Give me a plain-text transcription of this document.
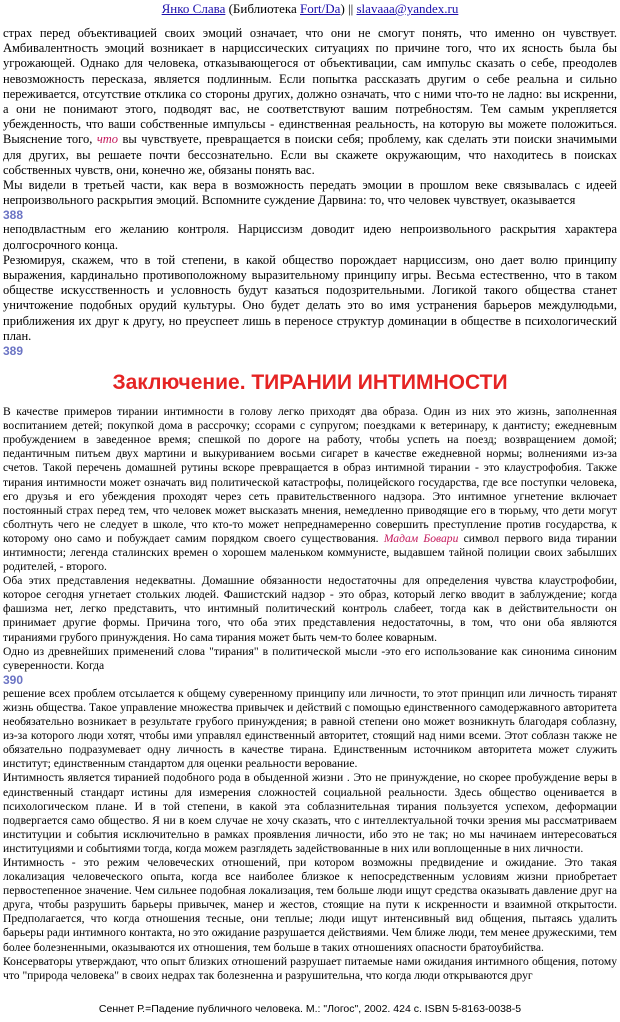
Янко Слава (Библиотека Fort/Da) || slavaaa@yandex.ru

страх перед объективацией своих эмоций означает, что они не смогут понять, что именно он чувствует. Амбивалентность эмоций возникает в нарциссических ситуациях по причине того, что их ясность была бы угрожающей. Однако для человека, отказывающегося от объективации, сам импульс сказать о себе, преодолев невозможность пересказа, является подлинным. Если попытка рассказать другим о себе реальна и сильно переживается, отсутствие отклика со стороны других, должно означать, что с ними что-то не ладно: вы искренни, а они не понимают этого, подводят вас, не соответствуют вашим потребностям. Тем самым укрепляется убежденность, что ваши собственные импульсы - единственная реальность, на которую вы можете положиться. Выяснение того, что вы чувствуете, превращается в поиски себя; проблему, как сделать эти поиски значимыми для других, вы решаете почти бессознательно. Если вы скажете окружающим, что находитесь в поисках собственных чувств, они, конечно же, обязаны понять вас.

Мы видели в третьей части, как вера в возможность передать эмоции в прошлом веке связывалась с идеей непроизвольного раскрытия эмоций. Вспомните суждение Дарвина: то, что человек чувствует, оказывается

388

неподвластным его желанию контроля. Нарциссизм доводит идею непроизвольного раскрытия характера долгосрочного конца.

Резюмируя, скажем, что в той степени, в какой общество порождает нарциссизм, оно дает волю принципу выражения, кардинально противоположному выразительному принципу игры. Весьма естественно, что в таком обществе искусственность и условность будут казаться подозрительными. Логикой такого общества станет уничтожение подобных орудий культуры. Оно будет делать это во имя устранения барьеров междулюдьми, приближения их друг к другу, но преуспеет лишь в переносе структур доминации в обществе в психологический план.

389
Заключение. ТИРАНИИ ИНТИМНОСТИ

В качестве примеров тирании интимности в голову легко приходят два образа. Один из них это жизнь, заполненная воспитанием детей; покупкой дома в рассрочку; ссорами с супругом; поездками к ветеринару, к дантисту; ежедневным пробуждением в заведенное время; спешкой по дороге на работу, чтобы успеть на поезд; возвращением домой; педантичным питьем двух мартини и выкуриванием восьми сигарет в качестве ежедневной нормы; волнениями из-за счетов. Такой перечень домашней рутины вскоре превращается в образ интимной тирании - это клаустрофобия. Также тирания интимности может означать вид политической катастрофы, полицейского государства, где все поступки человека, его друзья и его убеждения проходят через сеть правительственного надзора. Это интимное угнетение включает постоянный страх перед тем, что человек может высказать мнения, немедленно приводящие его в тюрьму, что дети могут сболтнуть чего не следует в школе, что кто-то может непреднамеренно совершить преступление против государства, к которому оно само и побуждает самим порядком своего существования. Мадам Бовари символ первого вида тирании интимности; легенда сталинских времен о хорошем маленьком коммунисте, выдавшем тайной полиции своих забылших родителей, - второго.

Оба этих представления недекватны. Домашние обязанности недостаточны для определения чувства клаустрофобии, которое сегодня угнетает стольких людей. Фашистский надзор - это образ, который легко вводит в заблуждение; когда фашизма нет, легко представить, что интимный политический контроль слабеет, тогда как в действительности он принимает другие формы. Причина того, что оба этих представления недостаточны, в том, что они оба являются тираниями грубого принуждения. Но сама тирания может быть чем-то более коварным.

Одно из древнейших применений слова "тирания" в политической мысли -это его использование как синонима синоним суверенности. Когда

390

решение всех проблем отсылается к общему суверенному принципу или личности, то этот принцип или личность тиранят жизнь общества. Такое управление множества привычек и действий с помощью единственного самодержавного авторитета необязательно возникает в результате грубого принуждения; в равной степени оно может возникнуть благодаря соблазну, из-за которого люди хотят, чтобы ими управлял единственный авторитет, стоящий над ними всеми. Этот соблазн также не обязательно подразумевает одну личность в качестве тирана. Единственным источником авторитета может служить институт; единственным стандартом для оценки реальности верование.

Интимность является тиранией подобного рода в обыденной жизни . Это не принуждение, но скорее пробуждение веры в единственный стандарт истины для измерения сложностей социальной реальности. Здесь общество оценивается в психологическом плане. И в той степени, в какой эта соблазнительная тирания пользуется успехом, деформации подвергается само общество. Я ни в коем случае не хочу сказать, что с интеллектуальной точки зрения мы рассматриваем институции и события исключительно в рамках проявления личности, ибо это не так; но мы начинаем интересоваться институциями и событиями тогда, когда можем разглядеть задействованные в них или воплощенные в них личности.

Интимность - это режим человеческих отношений, при котором возможны предвидение и ожидание. Это такая локализация человеческого опыта, когда все наиболее близкое к непосредственным условиям жизни приобретает первостепенное значение. Чем сильнее подобная локализация, тем больше люди ищут средства оказывать давление друг на друга, чтобы разрушить барьеры привычек, манер и жестов, стоящие на пути к искренности и взаимной открытости. Предполагается, что когда отношения тесные, они теплые; люди ищут интенсивный вид общения, пытаясь удалить барьеры ради интимного контакта, но это ожидание разрушается действиями. Чем ближе люди, тем менее дружескими, тем более болезненными, оказываются их отношения, тем больше в таких отношениях опасности братоубийства.

Консерваторы утверждают, что опыт близких отношений разрушает питаемые нами ожидания интимного общения, потому что "природа человека" в своих недрах так болезненна и разрушительна, что когда люди открываются друг

Сеннет Р.=Падение публичного человека. М.: "Логос", 2002. 424 с. ISBN 5-8163-0038-5
